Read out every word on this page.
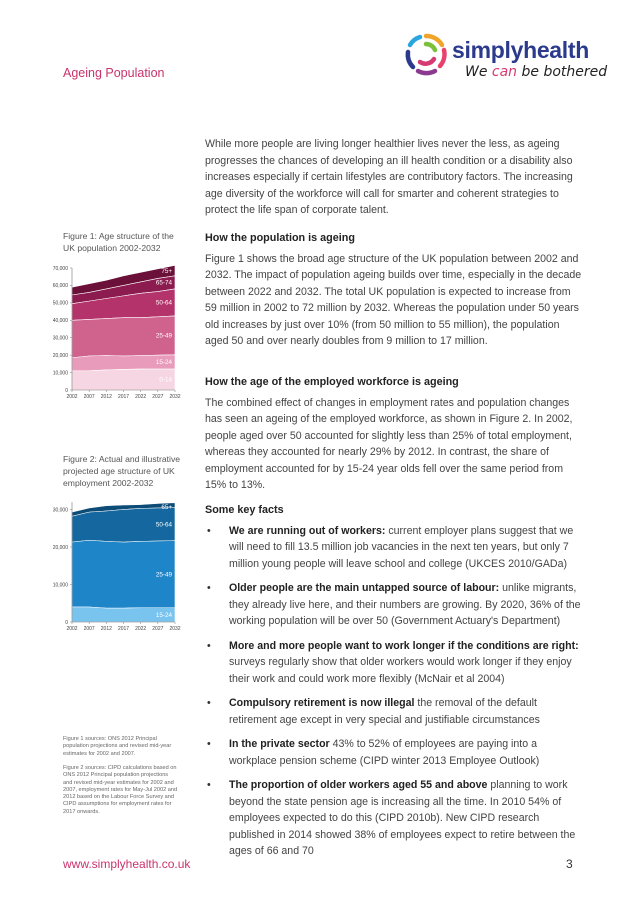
Ageing Population
simplyhealth
We can be bothered

While more people are living longer healthier lives never the less, as ageing progresses the chances of developing an ill health condition or a disability also increases especially if certain lifestyles are contributory factors. The increasing age diversity of the workforce will call for smarter and coherent strategies to protect the life span of corporate talent.

How the population is ageing

Figure 1 shows the broad age structure of the UK population between 2002 and 2032. The impact of population ageing builds over time, especially in the decade between 2022 and 2032. The total UK population is expected to increase from 59 million in 2002 to 72 million by 2032. Whereas the population under 50 years old increases by just over 10% (from 50 million to 55 million), the population aged 50 and over nearly doubles from 9 million to 17 million.

How the age of the employed workforce is ageing

The combined effect of changes in employment rates and population changes has seen an ageing of the employed workforce, as shown in Figure 2. In 2002, people aged over 50 accounted for slightly less than 25% of total employment, whereas they accounted for nearly 29% by 2012. In contrast, the share of employment accounted for by 15-24 year olds fell over the same period from 15% to 13%.

Some key facts

• We are running out of workers: current employer plans suggest that we will need to fill 13.5 million job vacancies in the next ten years, but only 7 million young people will leave school and college (UKCES 2010/GADa)
• Older people are the main untapped source of labour: unlike migrants, they already live here, and their numbers are growing. By 2020, 36% of the working population will be over 50 (Government Actuary's Department)
• More and more people want to work longer if the conditions are right: surveys regularly show that older workers would work longer if they enjoy their work and could work more flexibly (McNair et al 2004)
• Compulsory retirement is now illegal the removal of the default retirement age except in very special and justifiable circumstances
• In the private sector 43% to 52% of employees are paying into a workplace pension scheme (CIPD winter 2013 Employee Outlook)
• The proportion of older workers aged 55 and above planning to work beyond the state pension age is increasing all the time. In 2010 54% of employees expected to do this (CIPD 2010b). New CIPD research published in 2014 showed 38% of employees expect to retire between the ages of 66 and 70
Figure 1: Age structure of the UK population 2002-2032
0
10,000
20,000
30,000
40,000
50,000
60,000
70,000
2002 2007 2012 2017 2022 2027 2032
0-14
15-24
25-49
50-64
65-74
75+
Figure 2: Actual and illustrative projected age structure of UK employment 2002-2032
0
10,000
20,000
30,000
2002 2007 2012 2017 2022 2027 2032
15-24
25-49
50-64
65+
Figure 1 sources: ONS 2012 Principal population projections and revised mid-year estimates for 2002 and 2007.
Figure 2 sources: CIPD calculations based on ONS 2012 Principal population projections and revised mid-year estimates for 2002 and 2007, employment rates for May-Jul 2002 and 2012 based on the Labour Force Survey and CIPD assumptions for employment rates for 2017 onwards.
www.simplyhealth.co.uk	3
